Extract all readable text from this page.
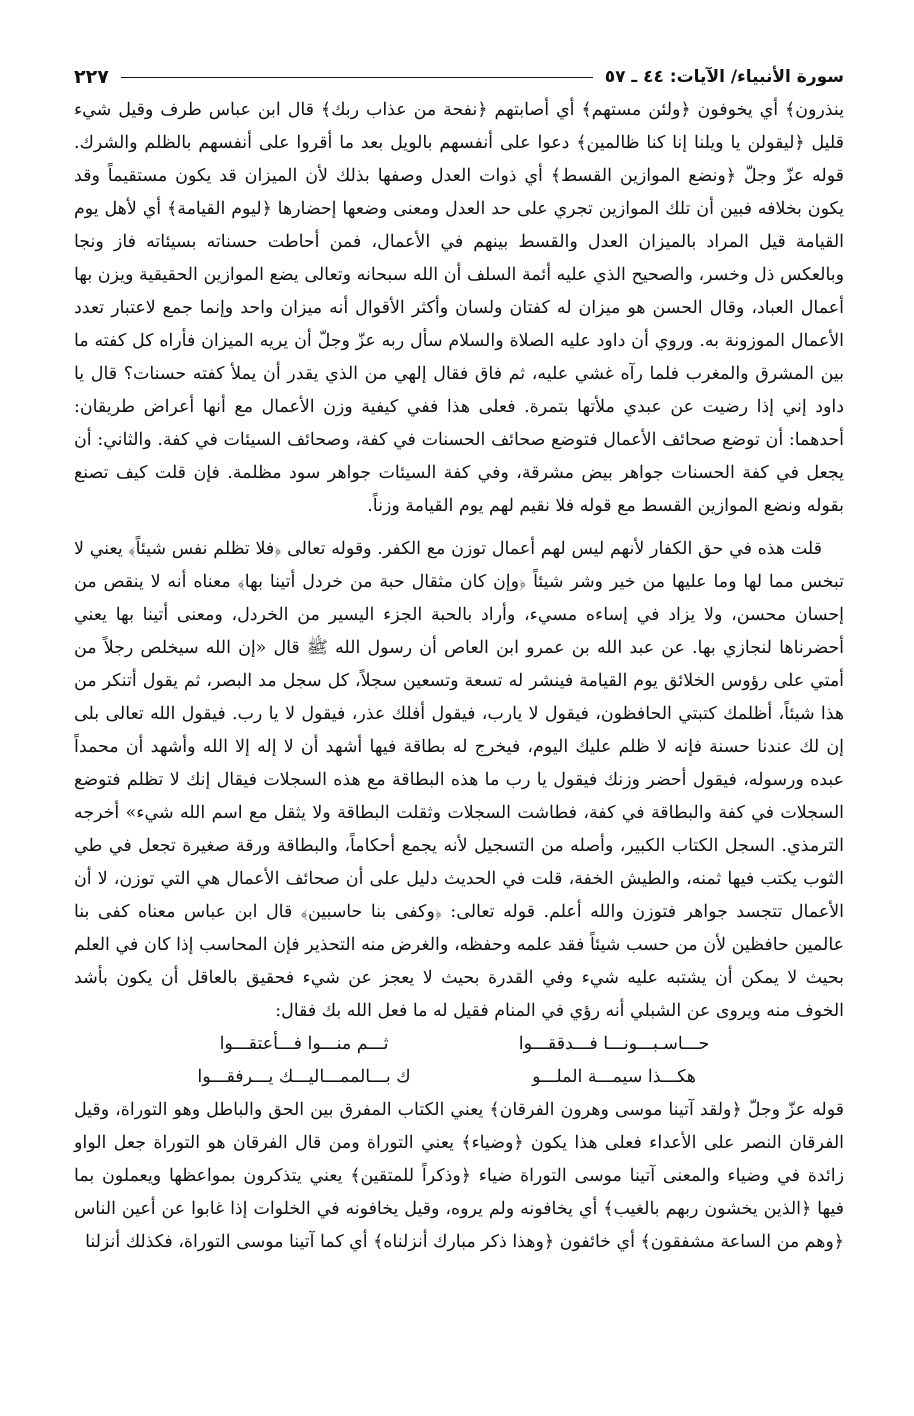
سورة الأنبياء/ الآيات: ٤٤ ـ ٥٧
٢٢٧

ينذرون﴾ أي يخوفون ﴿ولئن مستهم﴾ أي أصابتهم ﴿نفحة من عذاب ربك﴾ قال ابن عباس طرف وقيل شيء قليل ﴿ليقولن يا ويلنا إنا كنا ظالمين﴾ دعوا على أنفسهم بالويل بعد ما أقروا على أنفسهم بالظلم والشرك. قوله عزّ وجلّ ﴿ونضع الموازين القسط﴾ أي ذوات العدل وصفها بذلك لأن الميزان قد يكون مستقيماً وقد يكون بخلافه فبين أن تلك الموازين تجري على حد العدل ومعنى وضعها إحضارها ﴿ليوم القيامة﴾ أي لأهل يوم القيامة قيل المراد بالميزان العدل والقسط بينهم في الأعمال، فمن أحاطت حسناته بسيئاته فاز ونجا وبالعكس ذل وخسر، والصحيح الذي عليه أئمة السلف أن الله سبحانه وتعالى يضع الموازين الحقيقية ويزن بها أعمال العباد، وقال الحسن هو ميزان له كفتان ولسان وأكثر الأقوال أنه ميزان واحد وإنما جمع لاعتبار تعدد الأعمال الموزونة به. وروي أن داود عليه الصلاة والسلام سأل ربه عزّ وجلّ أن يريه الميزان فأراه كل كفته ما بين المشرق والمغرب فلما رآه غشي عليه، ثم فاق فقال إلهي من الذي يقدر أن يملأ كفته حسنات؟ قال يا داود إني إذا رضيت عن عبدي ملأتها بتمرة. فعلى هذا ففي كيفية وزن الأعمال مع أنها أعراض طريقان: أحدهما: أن توضع صحائف الأعمال فتوضع صحائف الحسنات في كفة، وصحائف السيئات في كفة. والثاني: أن يجعل في كفة الحسنات جواهر بيض مشرقة، وفي كفة السيئات جواهر سود مظلمة. فإن قلت كيف تصنع بقوله ونضع الموازين القسط مع قوله فلا نقيم لهم يوم القيامة وزناً.

قلت هذه في حق الكفار لأنهم ليس لهم أعمال توزن مع الكفر. وقوله تعالى ﴿فلا تظلم نفس شيئاً﴾ يعني لا تبخس مما لها وما عليها من خير وشر شيئاً ﴿وإن كان مثقال حبة من خردل أتينا بها﴾ معناه أنه لا ينقص من إحسان محسن، ولا يزاد في إساءه مسيء، وأراد بالحبة الجزء اليسير من الخردل، ومعنى أتينا بها يعني أحضرناها لنجازي بها. عن عبد الله بن عمرو ابن العاص أن رسول الله ﷺ قال «إن الله سيخلص رجلاً من أمتي على رؤوس الخلائق يوم القيامة فينشر له تسعة وتسعين سجلاً، كل سجل مد البصر، ثم يقول أتنكر من هذا شيئاً، أظلمك كتبتي الحافظون، فيقول لا يارب، فيقول أفلك عذر، فيقول لا يا رب. فيقول الله تعالى بلى إن لك عندنا حسنة فإنه لا ظلم عليك اليوم، فيخرج له بطاقة فيها أشهد أن لا إله إلا الله وأشهد أن محمداً عبده ورسوله، فيقول أحضر وزنك فيقول يا رب ما هذه البطاقة مع هذه السجلات فيقال إنك لا تظلم فتوضع السجلات في كفة والبطاقة في كفة، فطاشت السجلات وثقلت البطاقة ولا يثقل مع اسم الله شيء» أخرجه الترمذي. السجل الكتاب الكبير، وأصله من التسجيل لأنه يجمع أحكاماً، والبطاقة ورقة صغيرة تجعل في طي الثوب يكتب فيها ثمنه، والطيش الخفة، قلت في الحديث دليل على أن صحائف الأعمال هي التي توزن، لا أن الأعمال تتجسد جواهر فتوزن والله أعلم. قوله تعالى: ﴿وكفى بنا حاسبين﴾ قال ابن عباس معناه كفى بنا عالمين حافظين لأن من حسب شيئاً فقد علمه وحفظه، والغرض منه التحذير فإن المحاسب إذا كان في العلم بحيث لا يمكن أن يشتبه عليه شيء وفي القدرة بحيث لا يعجز عن شيء فحقيق بالعاقل أن يكون بأشد الخوف منه ويروى عن الشبلي أنه رؤي في المنام فقيل له ما فعل الله بك فقال:

حـــاسـبـــونـــا فـــدققـــوا
ثـــم منـــوا فـــأعتقـــوا
هكـــذا سيمـــة الملـــو
ك بـــالممـــاليـــك يـــرفقـــوا

قوله عزّ وجلّ ﴿ولقد آتينا موسى وهرون الفرقان﴾ يعني الكتاب المفرق بين الحق والباطل وهو التوراة، وقيل الفرقان النصر على الأعداء فعلى هذا يكون ﴿وضياء﴾ يعني التوراة ومن قال الفرقان هو التوراة جعل الواو زائدة في وضياء والمعنى آتينا موسى التوراة ضياء ﴿وذكراً للمتقين﴾ يعني يتذكرون بمواعظها ويعملون بما فيها ﴿الذين يخشون ربهم بالغيب﴾ أي يخافونه ولم يروه، وقيل يخافونه في الخلوات إذا غابوا عن أعين الناس ﴿وهم من الساعة مشفقون﴾ أي خائفون ﴿وهذا ذكر مبارك أنزلناه﴾ أي كما آتينا موسى التوراة، فكذلك أنزلنا
